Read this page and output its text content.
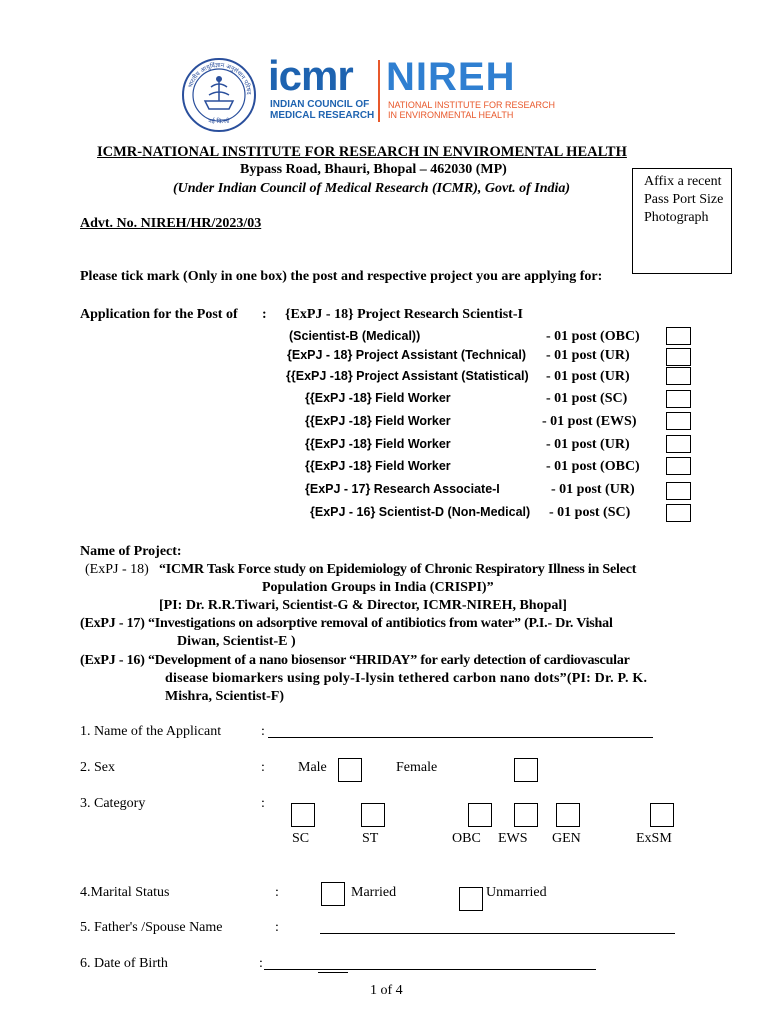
भारतीय आयुर्विज्ञान अनुसंधान परिषद
नई दिल्ली
icmr
INDIAN COUNCIL OF
MEDICAL RESEARCH
NIREH
NATIONAL INSTITUTE FOR RESEARCH
IN ENVIRONMENTAL HEALTH
ICMR-NATIONAL INSTITUTE FOR RESEARCH IN ENVIROMENTAL HEALTH
Bypass Road, Bhauri, Bhopal – 462030 (MP)
(Under Indian Council of Medical Research (ICMR), Govt. of India)	Affix a recent
Pass Port Size
Photograph
Advt. No. NIREH/HR/2023/03
Please tick mark (Only in one box) the post and respective project you are applying for:
Application for the Post of : {ExPJ - 18} Project Research Scientist-I
(Scientist-B (Medical))	- 01 post (OBC)
{ExPJ - 18} Project Assistant (Technical) - 01 post (UR)
{{ExPJ -18} Project Assistant (Statistical) - 01 post (UR)
{{ExPJ -18} Field Worker	- 01 post (SC)
{{ExPJ -18} Field Worker	- 01 post (EWS)
{{ExPJ -18} Field Worker	- 01 post (UR)
{{ExPJ -18} Field Worker	- 01 post (OBC)
{ExPJ - 17} Research Associate-I	- 01 post (UR)
{ExPJ - 16} Scientist-D (Non-Medical) - 01 post (SC)
Name of Project:
(ExPJ - 18) “ICMR Task Force study on Epidemiology of Chronic Respiratory Illness in Select
Population Groups in India (CRISPI)”
[PI: Dr. R.R.Tiwari, Scientist-G & Director, ICMR-NIREH, Bhopal]
(ExPJ - 17) “Investigations on adsorptive removal of antibiotics from water” (P.I.- Dr. Vishal
Diwan, Scientist-E )
(ExPJ - 16) “Development of a nano biosensor “HRIDAY” for early detection of cardiovascular
disease biomarkers using poly-I-lysin tethered carbon nano dots”(PI: Dr. P. K.
Mishra, Scientist-F)
1. Name of the Applicant	:
2. Sex	: Male	Female
3. Category	:
SC	ST	OBC EWS GEN	ExSM
4.Marital Status	:	Married	Unmarried
5. Father's /Spouse Name	:
6. Date of Birth	:
1 of 4
